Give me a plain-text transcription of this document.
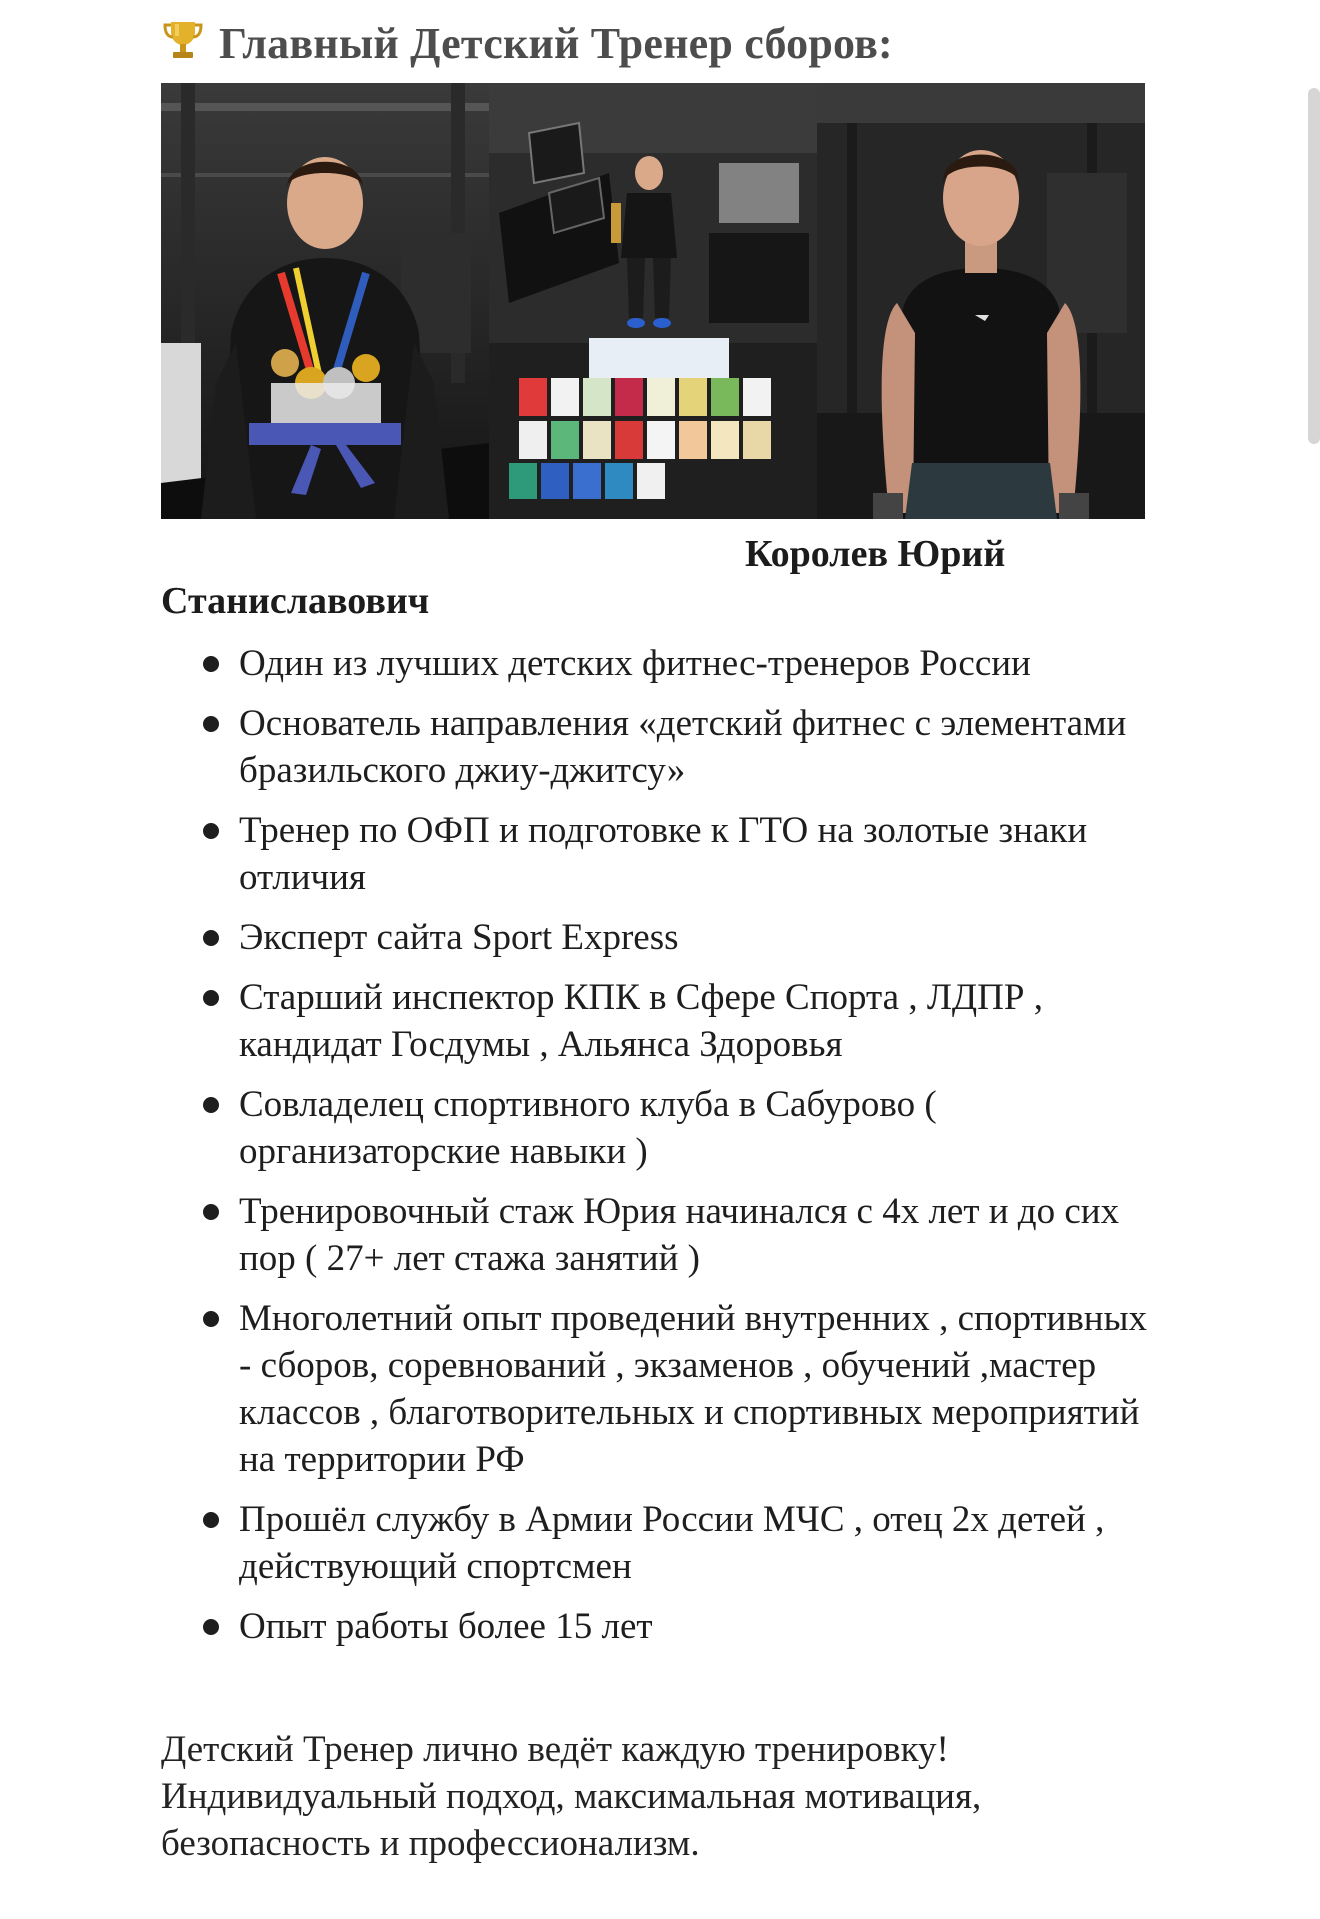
Главный Детский Тренер сборов:
Королев Юрий
Станиславович
Один из лучших детских фитнес-тренеров России
Основатель направления «детский фитнес с элементами бразильского джиу-джитсу»
Тренер по ОФП и подготовке к ГТО на золотые знаки отличия
Эксперт сайта Sport Express
Старший инспектор КПК в Сфере Спорта , ЛДПР , кандидат Госдумы , Альянса Здоровья
Совладелец спортивного клуба в Сабурово ( организаторские навыки )
Тренировочный стаж Юрия начинался с 4х лет и до сих пор ( 27+ лет стажа занятий )
Многолетний опыт проведений внутренних , спортивных - сборов, соревнований , экзаменов , обучений ,мастер классов , благотворительных и спортивных мероприятий на территории РФ
Прошёл службу в Армии России МЧС , отец 2х детей , действующий спортсмен
Опыт работы более 15 лет
Детский Тренер лично ведёт каждую тренировку!
Индивидуальный подход, максимальная мотивация,
безопасность и профессионализм.
